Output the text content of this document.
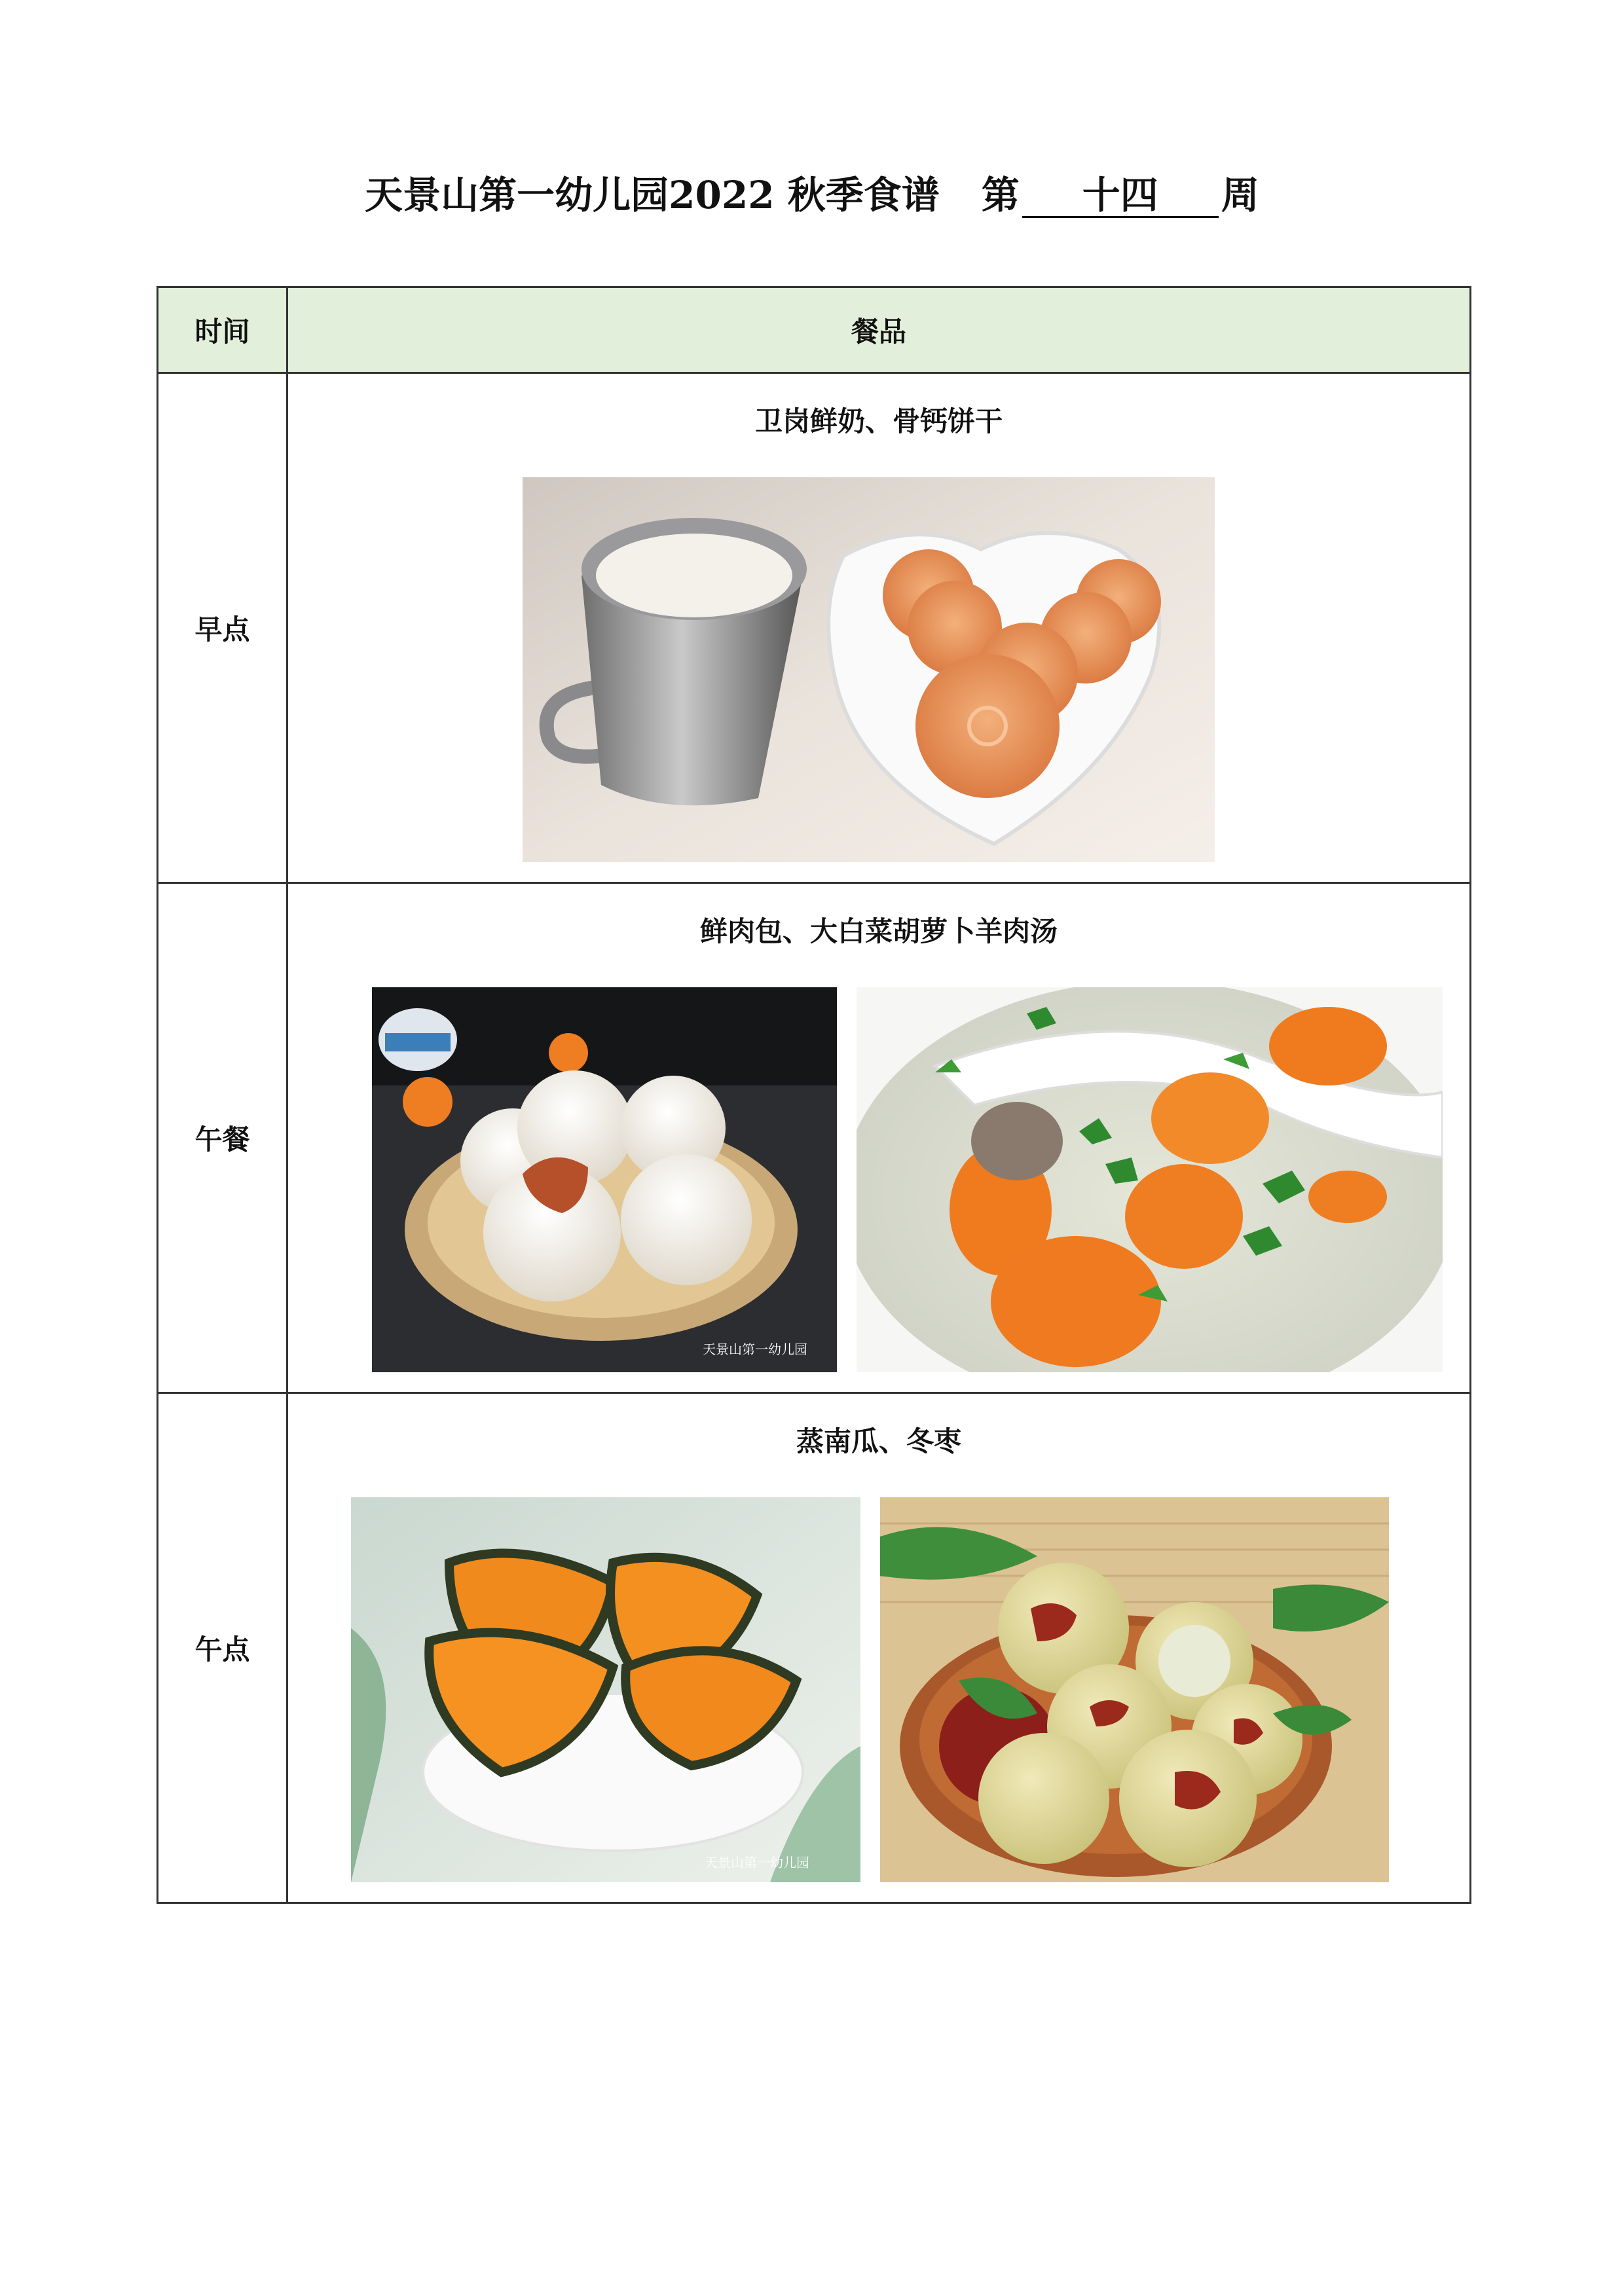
天景山第一幼儿园2022 秋季食谱 第 十四 周
时间	餐品
早点	卫岗鲜奶、骨钙饼干

午餐	鲜肉包、大白菜胡萝卜羊肉汤
天景山第一幼儿园

午点	蒸南瓜、冬枣
天景山第一幼儿园
